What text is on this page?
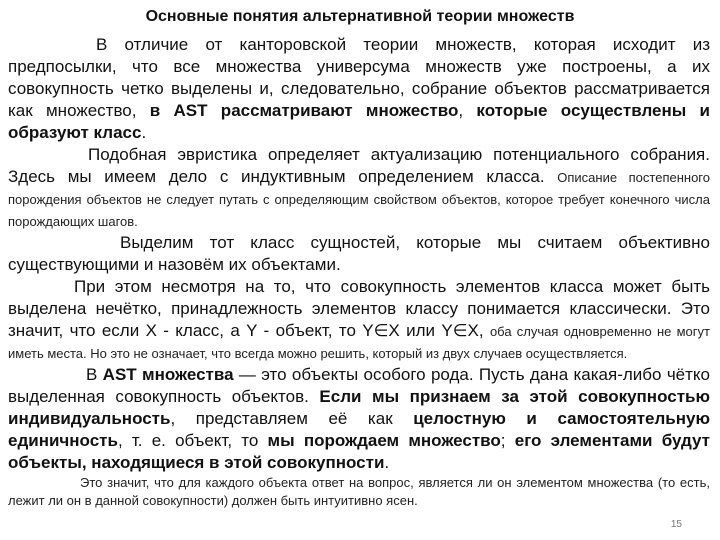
Основные понятия альтернативной теории множеств

В отличие от канторовской теории множеств, которая исходит из предпосылки, что все множества универсума множеств уже построены, а их совокупность четко выделены и, следовательно, собрание объектов рассматривается как множество, в AST рассматривают множество, которые осуществлены и образуют класс.

Подобная эвристика определяет актуализацию потенциального собрания. Здесь мы имеем дело с индуктивным определением класса. Описание постепенного порождения объектов не следует путать с определяющим свойством объектов, которое требует конечного числа порождающих шагов.

Выделим тот класс сущностей, которые мы считаем объективно существующими и назовём их объектами.

При этом несмотря на то, что совокупность элементов класса может быть выделена нечётко, принадлежность элементов классу понимается классически. Это значит, что если X - класс, а Y - объект, то Y∈X или Y∈X, оба случая одновременно не могут иметь места. Но это не означает, что всегда можно решить, который из двух случаев осуществляется.

В AST множества — это объекты особого рода. Пусть дана какая-либо чётко выделенная совокупность объектов. Если мы признаем за этой совокупностью индивидуальность, представляем её как целостную и самостоятельную единичность, т. е. объект, то мы порождаем множество; его элементами будут объекты, находящиеся в этой совокупности.

Это значит, что для каждого объекта ответ на вопрос, является ли он элементом множества (то есть, лежит ли он в данной совокупности) должен быть интуитивно ясен.

15
